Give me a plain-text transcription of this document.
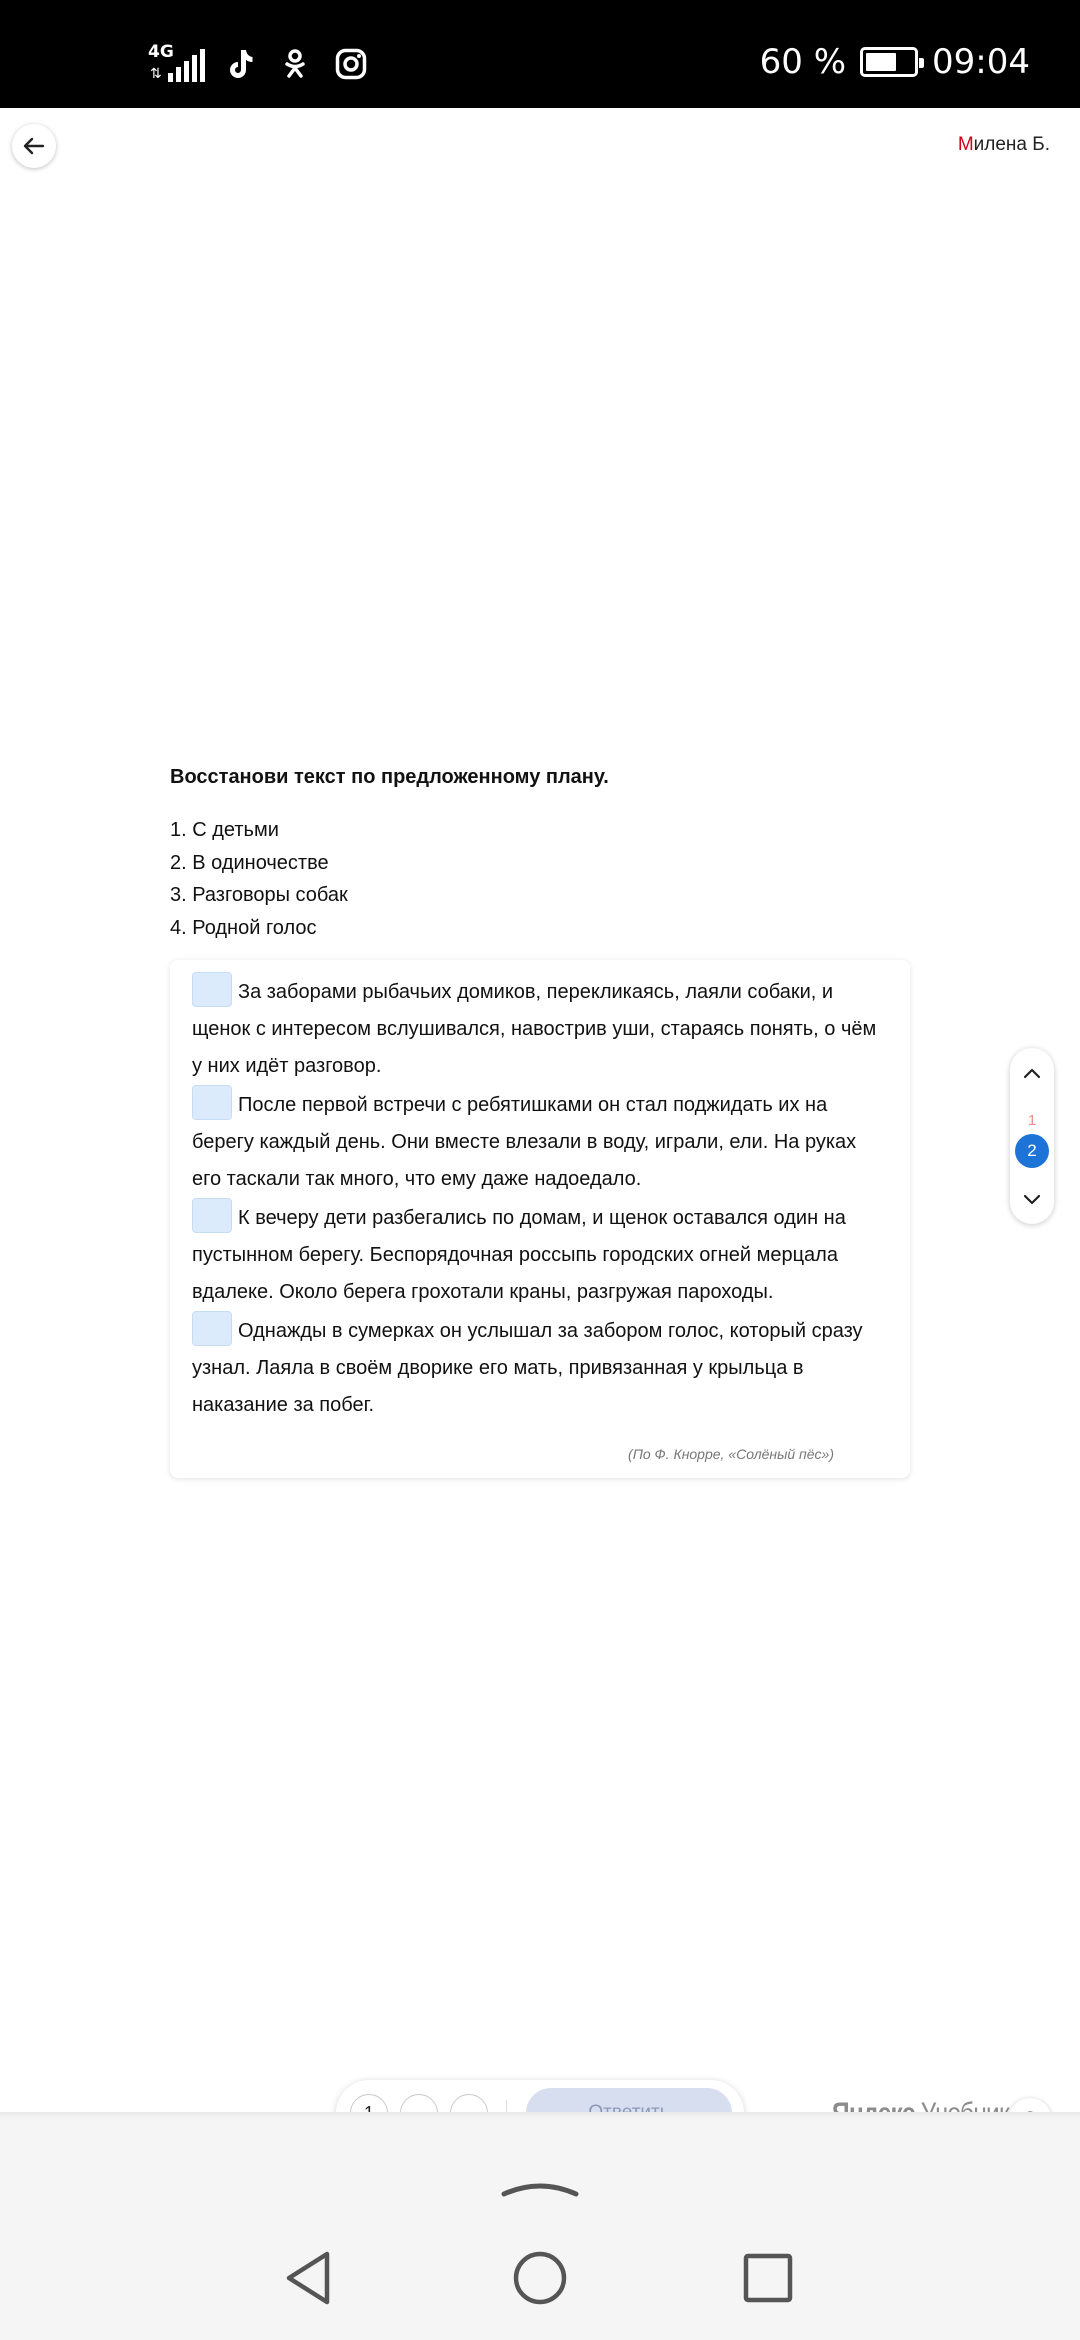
4G
⇅	60 %	09:04
Милена Б.
Восстанови текст по предложенному плану.
1. С детьми
2. В одиночестве
3. Разговоры собак
4. Родной голос

За заборами рыбачьих домиков, перекликаясь, лаяли собаки, и щенок с интересом вслушивался, навострив уши, стараясь понять, о чём у них идёт разговор.

После первой встречи с ребятишками он стал поджидать их на берегу каждый день. Они вместе влезали в воду, играли, ели. На руках его таскали так много, что ему даже надоедало.

К вечеру дети разбегались по домам, и щенок оставался один на пустынном берегу. Беспорядочная россыпь городских огней мерцала вдалеке. Около берега грохотали краны, разгружая пароходы.

Однажды в сумерках он услышал за забором голос, который сразу узнал. Лаяла в своём дворике его мать, привязанная у крыльца в наказание за побег.

(По Ф. Кнорре, «Солёный пёс»)
1
2
